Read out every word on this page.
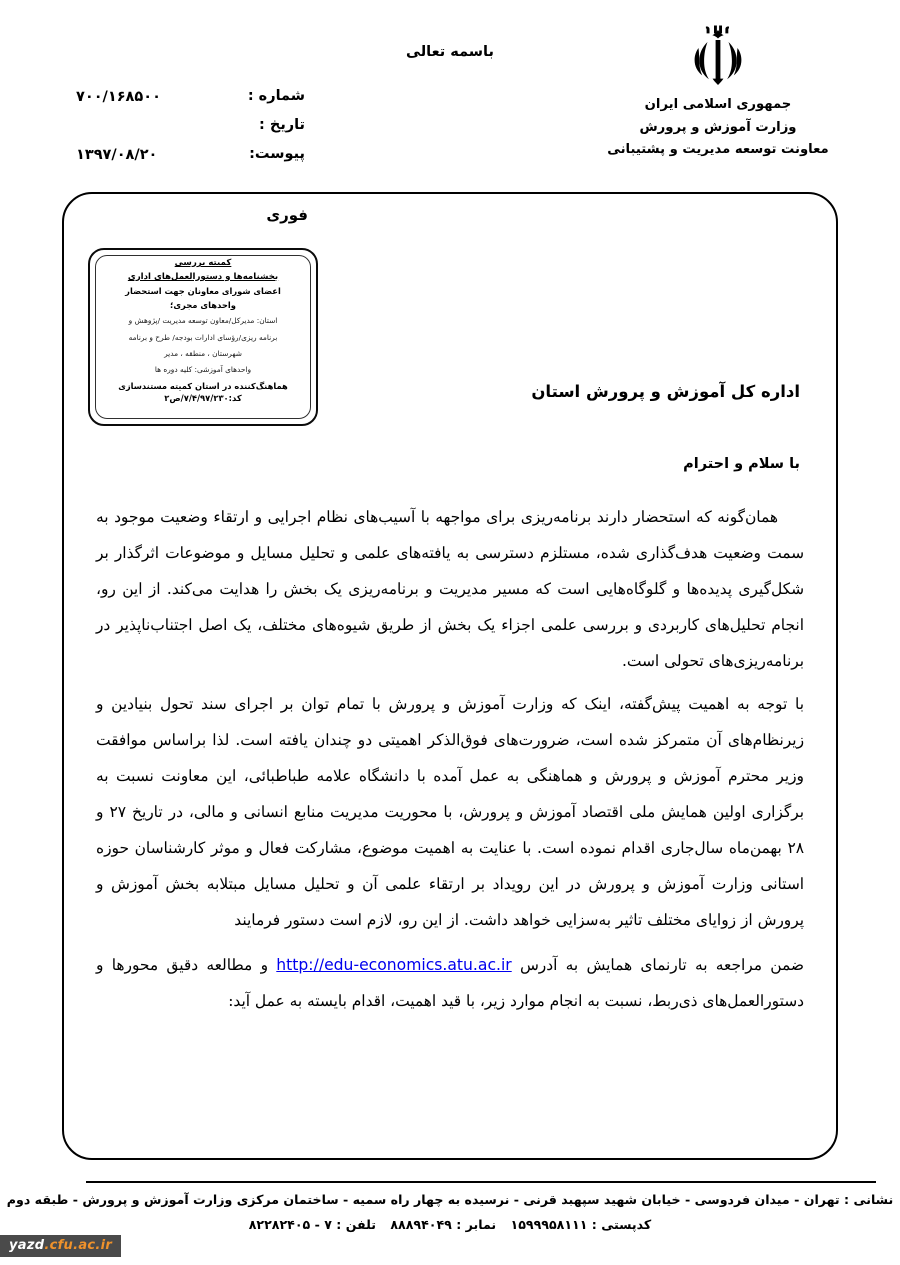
باسمه تعالی
جمهوری اسلامی ایران
وزارت آموزش و پرورش
معاونت توسعه مدیریت و پشتیبانی
شماره :
۷۰۰/۱۶۸۵۰۰
تاریخ :
۱۳۹۷/۰۸/۲۰	پیوست:
فوری
کمیته بررسی
بخشنامه‌ها و دستورالعمل‌های اداری
اعضای شورای معاونان جهت استحضار
واحدهای مجری؛
استان: مدیرکل/معاون توسعه مدیریت /پژوهش و
برنامه ریزی/رؤسای ادارات بودجه/ طرح و برنامه
شهرستان ، منطقه ، مدیر
واحدهای آموزشی: کلیه دوره ها
هماهنگ‌کننده در استان کمیته مستندسازی
کد:۷/۴/۹۷/۲۳۰/ص۲	اداره کل آموزش و پرورش استان
با سلام و احترام

همان‌گونه که استحضار دارند برنامه‌ریزی برای مواجهه با آسیب‌های نظام اجرایی و ارتقاء وضعیت موجود به سمت وضعیت هدف‌گذاری شده، مستلزم دسترسی به یافته‌های علمی و تحلیل مسایل و موضوعات اثرگذار بر شکل‌گیری پدیده‌ها و گلوگاه‌هایی است که مسیر مدیریت و برنامه‌ریزی یک بخش را هدایت می‌کند. از این رو، انجام تحلیل‌های کاربردی و بررسی علمی اجزاء یک بخش از طریق شیوه‌های مختلف، یک اصل اجتناب‌ناپذیر در برنامه‌ریزی‌های تحولی است.

با توجه به اهمیت پیش‌گفته، اینک که وزارت آموزش و پرورش با تمام توان بر اجرای سند تحول بنیادین و زیرنظام‌های آن متمرکز شده است، ضرورت‌های فوق‌الذکر اهمیتی دو چندان یافته است. لذا براساس موافقت وزیر محترم آموزش و پرورش و هماهنگی به عمل آمده با دانشگاه علامه طباطبائی، این معاونت نسبت به برگزاری اولین همایش ملی اقتصاد آموزش و پرورش، با محوریت مدیریت منابع انسانی و مالی، در تاریخ ۲۷ و ۲۸ بهمن‌ماه سال‌جاری اقدام نموده است. با عنایت به اهمیت موضوع، مشارکت فعال و موثر کارشناسان حوزه استانی وزارت آموزش و پرورش در این رویداد بر ارتقاء علمی آن و تحلیل مسایل مبتلابه بخش آموزش و پرورش از زوایای مختلف تاثیر به‌سزایی خواهد داشت. از این رو، لازم است دستور فرمایند

ضمن مراجعه به تارنمای همایش به آدرس http://edu-economics.atu.ac.ir و مطالعه دقیق محورها و دستورالعمل‌های ذی‌ربط، نسبت به انجام موارد زیر، با قید اهمیت، اقدام بایسته به عمل آید:

نشانی : تهران - میدان فردوسی - خیابان شهید سپهبد قرنی - نرسیده به چهار راه سمیه - ساختمان مرکزی وزارت آموزش و پرورش - طبقه دوم
کدپستی : ۱۵۹۹۹۵۸۱۱۱ نمابر : ۸۸۸۹۴۰۴۹ تلفن : ۷ - ۸۲۲۸۲۴۰۵
yazd.cfu.ac.ir
